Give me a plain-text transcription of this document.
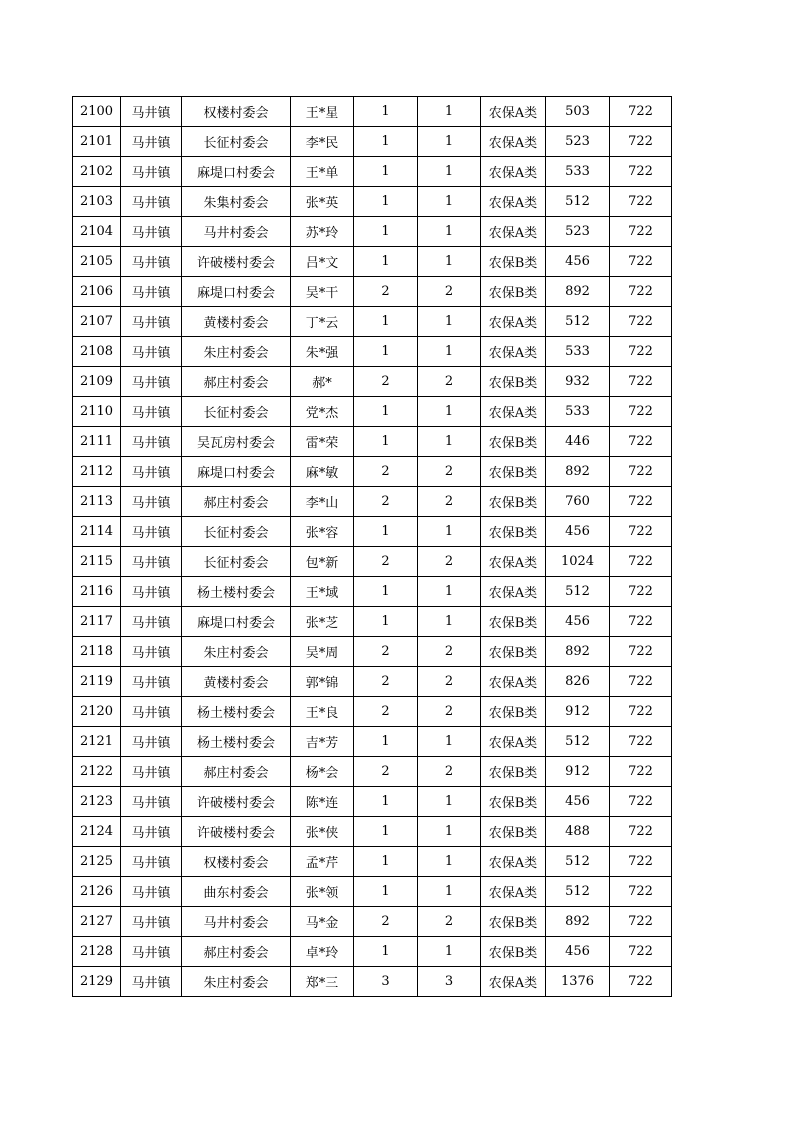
2100	马井镇	权楼村委会	王*星	1	1	农保A类	503	722
2101	马井镇	长征村委会	李*民	1	1	农保A类	523	722
2102	马井镇	麻堤口村委会	王*单	1	1	农保A类	533	722
2103	马井镇	朱集村委会	张*英	1	1	农保A类	512	722
2104	马井镇	马井村委会	苏*玲	1	1	农保A类	523	722
2105	马井镇	许破楼村委会	吕*文	1	1	农保B类	456	722
2106	马井镇	麻堤口村委会	吴*干	2	2	农保B类	892	722
2107	马井镇	黄楼村委会	丁*云	1	1	农保A类	512	722
2108	马井镇	朱庄村委会	朱*强	1	1	农保A类	533	722
2109	马井镇	郝庄村委会	郝*	2	2	农保B类	932	722
2110	马井镇	长征村委会	党*杰	1	1	农保A类	533	722
2111	马井镇	吴瓦房村委会	雷*荣	1	1	农保B类	446	722
2112	马井镇	麻堤口村委会	麻*敏	2	2	农保B类	892	722
2113	马井镇	郝庄村委会	李*山	2	2	农保B类	760	722
2114	马井镇	长征村委会	张*容	1	1	农保B类	456	722
2115	马井镇	长征村委会	包*新	2	2	农保A类	1024	722
2116	马井镇	杨土楼村委会	王*域	1	1	农保A类	512	722
2117	马井镇	麻堤口村委会	张*芝	1	1	农保B类	456	722
2118	马井镇	朱庄村委会	吴*周	2	2	农保B类	892	722
2119	马井镇	黄楼村委会	郭*锦	2	2	农保A类	826	722
2120	马井镇	杨土楼村委会	王*良	2	2	农保B类	912	722
2121	马井镇	杨土楼村委会	吉*芳	1	1	农保A类	512	722
2122	马井镇	郝庄村委会	杨*会	2	2	农保B类	912	722
2123	马井镇	许破楼村委会	陈*连	1	1	农保B类	456	722
2124	马井镇	许破楼村委会	张*侠	1	1	农保B类	488	722
2125	马井镇	权楼村委会	孟*芹	1	1	农保A类	512	722
2126	马井镇	曲东村委会	张*领	1	1	农保A类	512	722
2127	马井镇	马井村委会	马*金	2	2	农保B类	892	722
2128	马井镇	郝庄村委会	卓*玲	1	1	农保B类	456	722
2129	马井镇	朱庄村委会	郑*三	3	3	农保A类	1376	722
